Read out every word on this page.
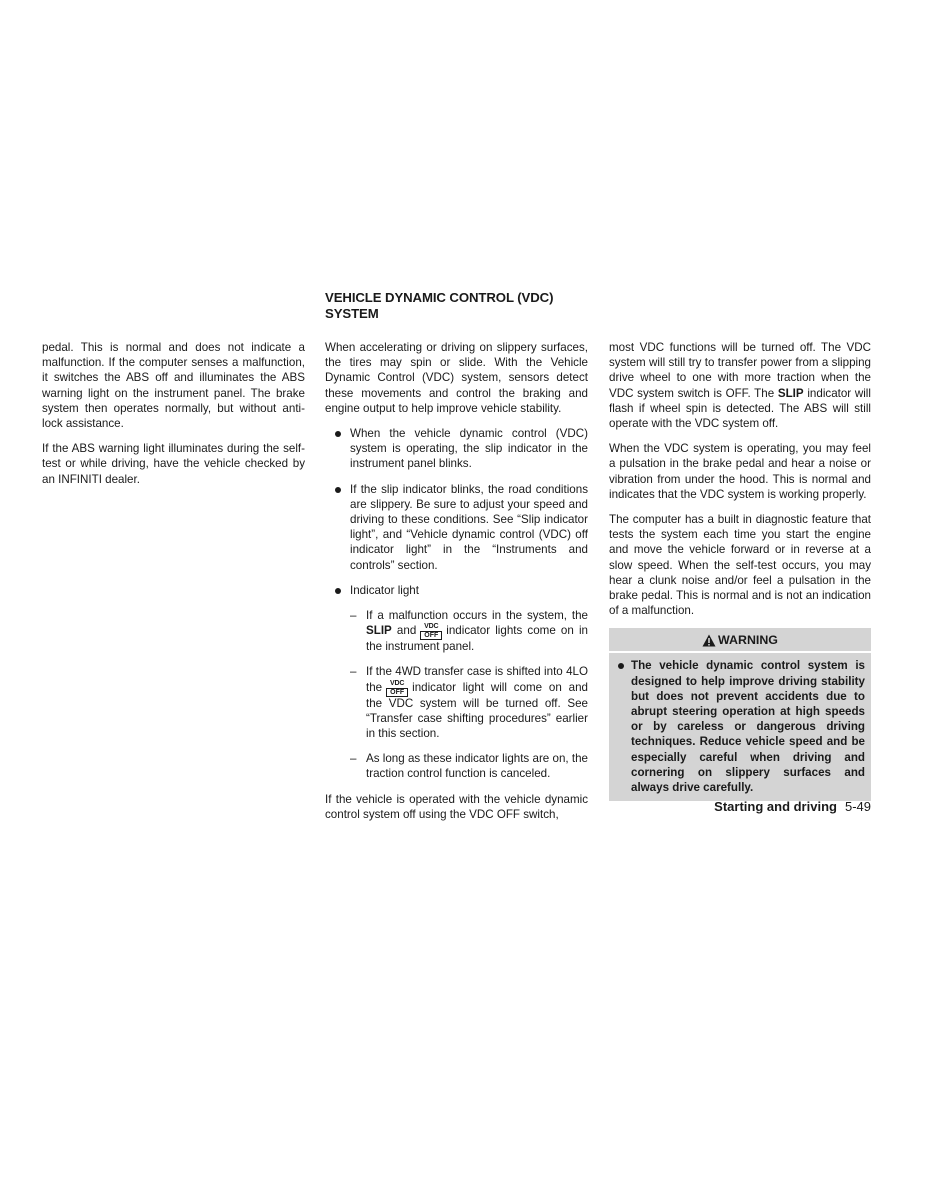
pedal. This is normal and does not indicate a malfunction. If the computer senses a malfunction, it switches the ABS off and illuminates the ABS warning light on the instrument panel. The brake system then operates normally, but without anti-lock assistance.

If the ABS warning light illuminates during the self-test or while driving, have the vehicle checked by an INFINITI dealer.

VEHICLE DYNAMIC CONTROL (VDC) SYSTEM

When accelerating or driving on slippery surfaces, the tires may spin or slide. With the Vehicle Dynamic Control (VDC) system, sensors detect these movements and control the braking and engine output to help improve vehicle stability.

When the vehicle dynamic control (VDC) system is operating, the slip indicator in the instrument panel blinks.
If the slip indicator blinks, the road conditions are slippery. Be sure to adjust your speed and driving to these conditions. See “Slip indicator light”, and “Vehicle dynamic control (VDC) off indicator light” in the “Instruments and controls” section.
Indicator light
– If a malfunction occurs in the system, the SLIP and	VDC
OFF indicator lights come on in the instrument panel.
– If the 4WD transfer case is shifted into 4LO the	VDC
OFF indicator light will come on and the VDC system will be turned off. See “Transfer case shifting procedures” earlier in this section.
– As long as these indicator lights are on, the traction control function is canceled.

If the vehicle is operated with the vehicle dynamic control system off using the VDC OFF switch,

most VDC functions will be turned off. The VDC system will still try to transfer power from a slipping drive wheel to one with more traction when the VDC system switch is OFF. The SLIP indicator will flash if wheel spin is detected. The ABS will still operate with the VDC system off.

When the VDC system is operating, you may feel a pulsation in the brake pedal and hear a noise or vibration from under the hood. This is normal and indicates that the VDC system is working properly.

The computer has a built in diagnostic feature that tests the system each time you start the engine and move the vehicle forward or in reverse at a slow speed. When the self-test occurs, you may hear a clunk noise and/or feel a pulsation in the brake pedal. This is normal and is not an indication of a malfunction.

WARNING
The vehicle dynamic control system is designed to help improve driving stability but does not prevent accidents due to abrupt steering operation at high speeds or by careless or dangerous driving techniques. Reduce vehicle speed and be especially careful when driving and cornering on slippery surfaces and always drive carefully.
Starting and driving 5-49
